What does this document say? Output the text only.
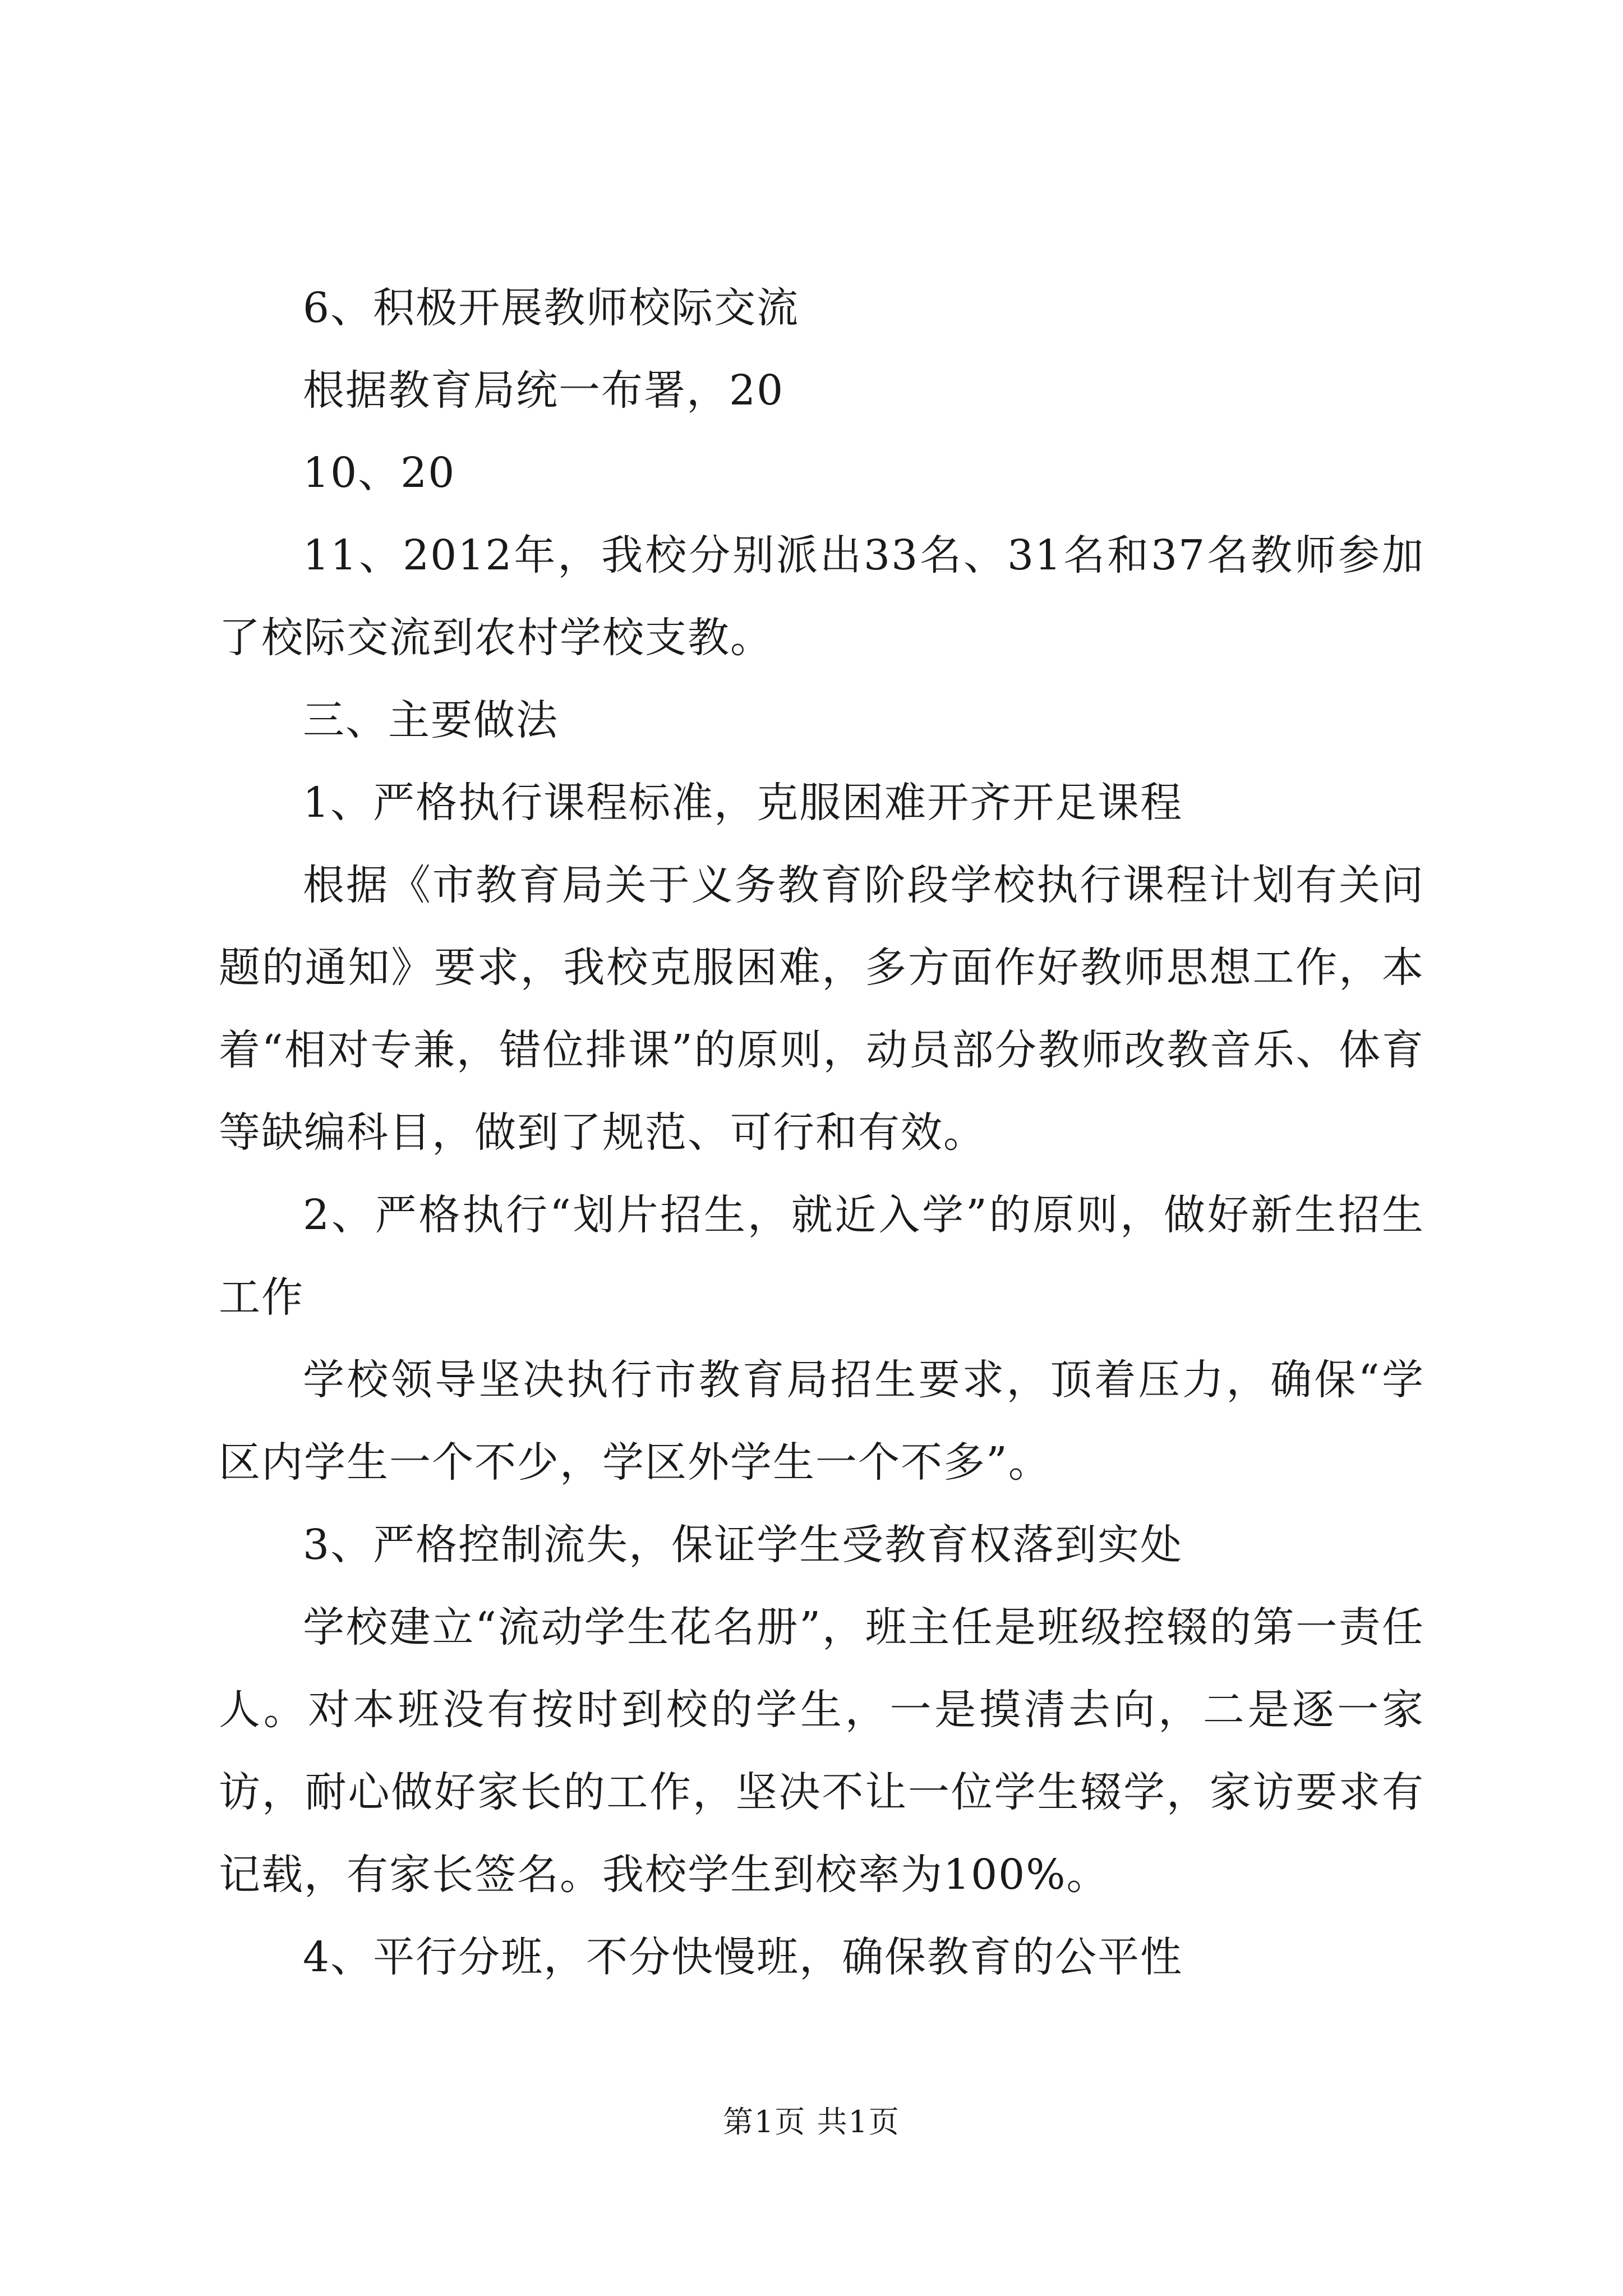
6、积极开展教师校际交流

根据教育局统一布署，20

10、20

11、2012年，我校分别派出33名、31名和37名教师参加了校际交流到农村学校支教。

三、主要做法

1、严格执行课程标准，克服困难开齐开足课程

根据《市教育局关于义务教育阶段学校执行课程计划有关问题的通知》要求，我校克服困难，多方面作好教师思想工作，本着“相对专兼，错位排课”的原则，动员部分教师改教音乐、体育等缺编科目，做到了规范、可行和有效。

2、严格执行“划片招生，就近入学”的原则，做好新生招生工作

学校领导坚决执行市教育局招生要求，顶着压力，确保“学区内学生一个不少，学区外学生一个不多”。

3、严格控制流失，保证学生受教育权落到实处

学校建立“流动学生花名册”，班主任是班级控辍的第一责任人。对本班没有按时到校的学生，一是摸清去向，二是逐一家访，耐心做好家长的工作，坚决不让一位学生辍学，家访要求有记载，有家长签名。我校学生到校率为100%。

4、平行分班，不分快慢班，确保教育的公平性

第1页 共1页
